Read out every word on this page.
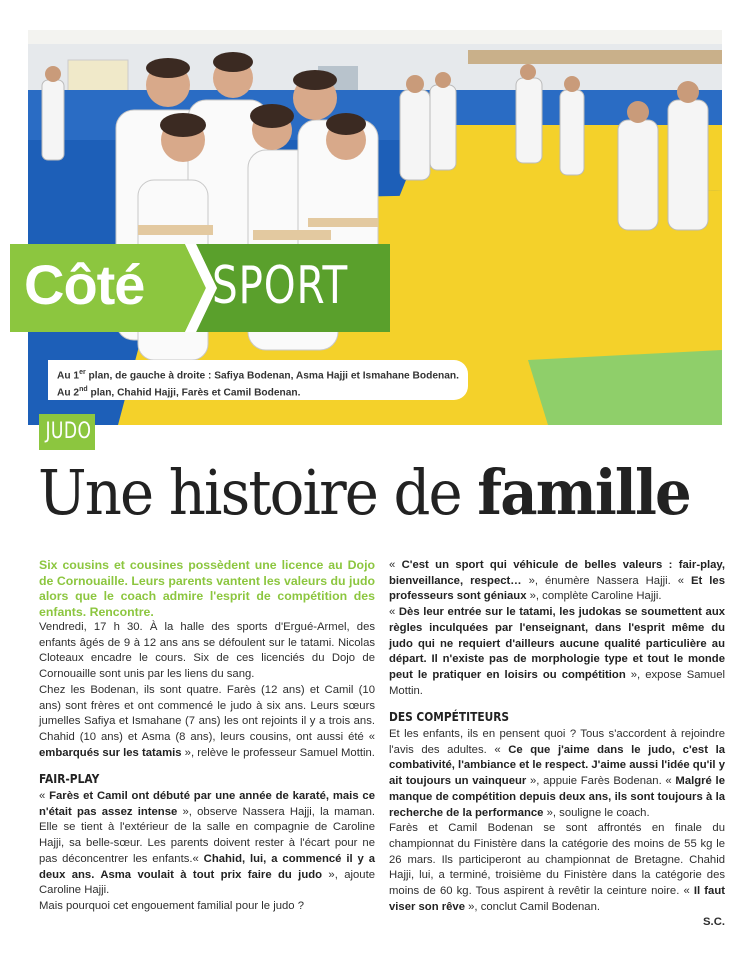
Côté SPORT
Au 1er plan, de gauche à droite : Safiya Bodenan, Asma Hajji et Ismahane Bodenan.
Au 2nd plan, Chahid Hajji, Farès et Camil Bodenan.
JUDO
Une histoire de famille

Six cousins et cousines possèdent une licence au Dojo de Cornouaille. Leurs parents vantent les valeurs du judo alors que le coach admire l'esprit de compétition des enfants. Rencontre.

Vendredi, 17 h 30. À la halle des sports d'Ergué-Armel, des enfants âgés de 9 à 12 ans ans se défoulent sur le tatami. Nicolas Cloteaux encadre le cours. Six de ces licenciés du Dojo de Cornouaille sont unis par les liens du sang.

Chez les Bodenan, ils sont quatre. Farès (12 ans) et Camil (10 ans) sont frères et ont commencé le judo à six ans. Leurs sœurs jumelles Safiya et Ismahane (7 ans) les ont rejoints il y a trois ans. Chahid (10 ans) et Asma (8 ans), leurs cousins, ont aussi été « embarqués sur les tatamis », relève le professeur Samuel Mottin.

FAIR-PLAY

« Farès et Camil ont débuté par une année de karaté, mais ce n'était pas assez intense », observe Nassera Hajji, la maman. Elle se tient à l'extérieur de la salle en compagnie de Caroline Hajji, sa belle-sœur. Les parents doivent rester à l'écart pour ne pas déconcentrer les enfants.« Chahid, lui, a commencé il y a deux ans. Asma voulait à tout prix faire du judo », ajoute Caroline Hajji.

Mais pourquoi cet engouement familial pour le judo ?

« C'est un sport qui véhicule de belles valeurs : fair-play, bienveillance, respect… », énumère Nassera Hajji. « Et les professeurs sont géniaux », complète Caroline Hajji.

« Dès leur entrée sur le tatami, les judokas se soumettent aux règles inculquées par l'enseignant, dans l'esprit même du judo qui ne requiert d'ailleurs aucune qualité particulière au départ. Il n'existe pas de morphologie type et tout le monde peut le pratiquer en loisirs ou compétition », expose Samuel Mottin.

DES COMPÉTITEURS

Et les enfants, ils en pensent quoi ? Tous s'accordent à rejoindre l'avis des adultes. « Ce que j'aime dans le judo, c'est la combativité, l'ambiance et le respect. J'aime aussi l'idée qu'il y ait toujours un vainqueur », appuie Farès Bodenan. « Malgré le manque de compétition depuis deux ans, ils sont toujours à la recherche de la performance », souligne le coach.

Farès et Camil Bodenan se sont affrontés en finale du championnat du Finistère dans la catégorie des moins de 55 kg le 26 mars. Ils participeront au championnat de Bretagne. Chahid Hajji, lui, a terminé, troisième du Finistère dans la catégorie des moins de 60 kg. Tous aspirent à revêtir la ceinture noire. « Il faut viser son rêve », conclut Camil Bodenan.

S.C.
